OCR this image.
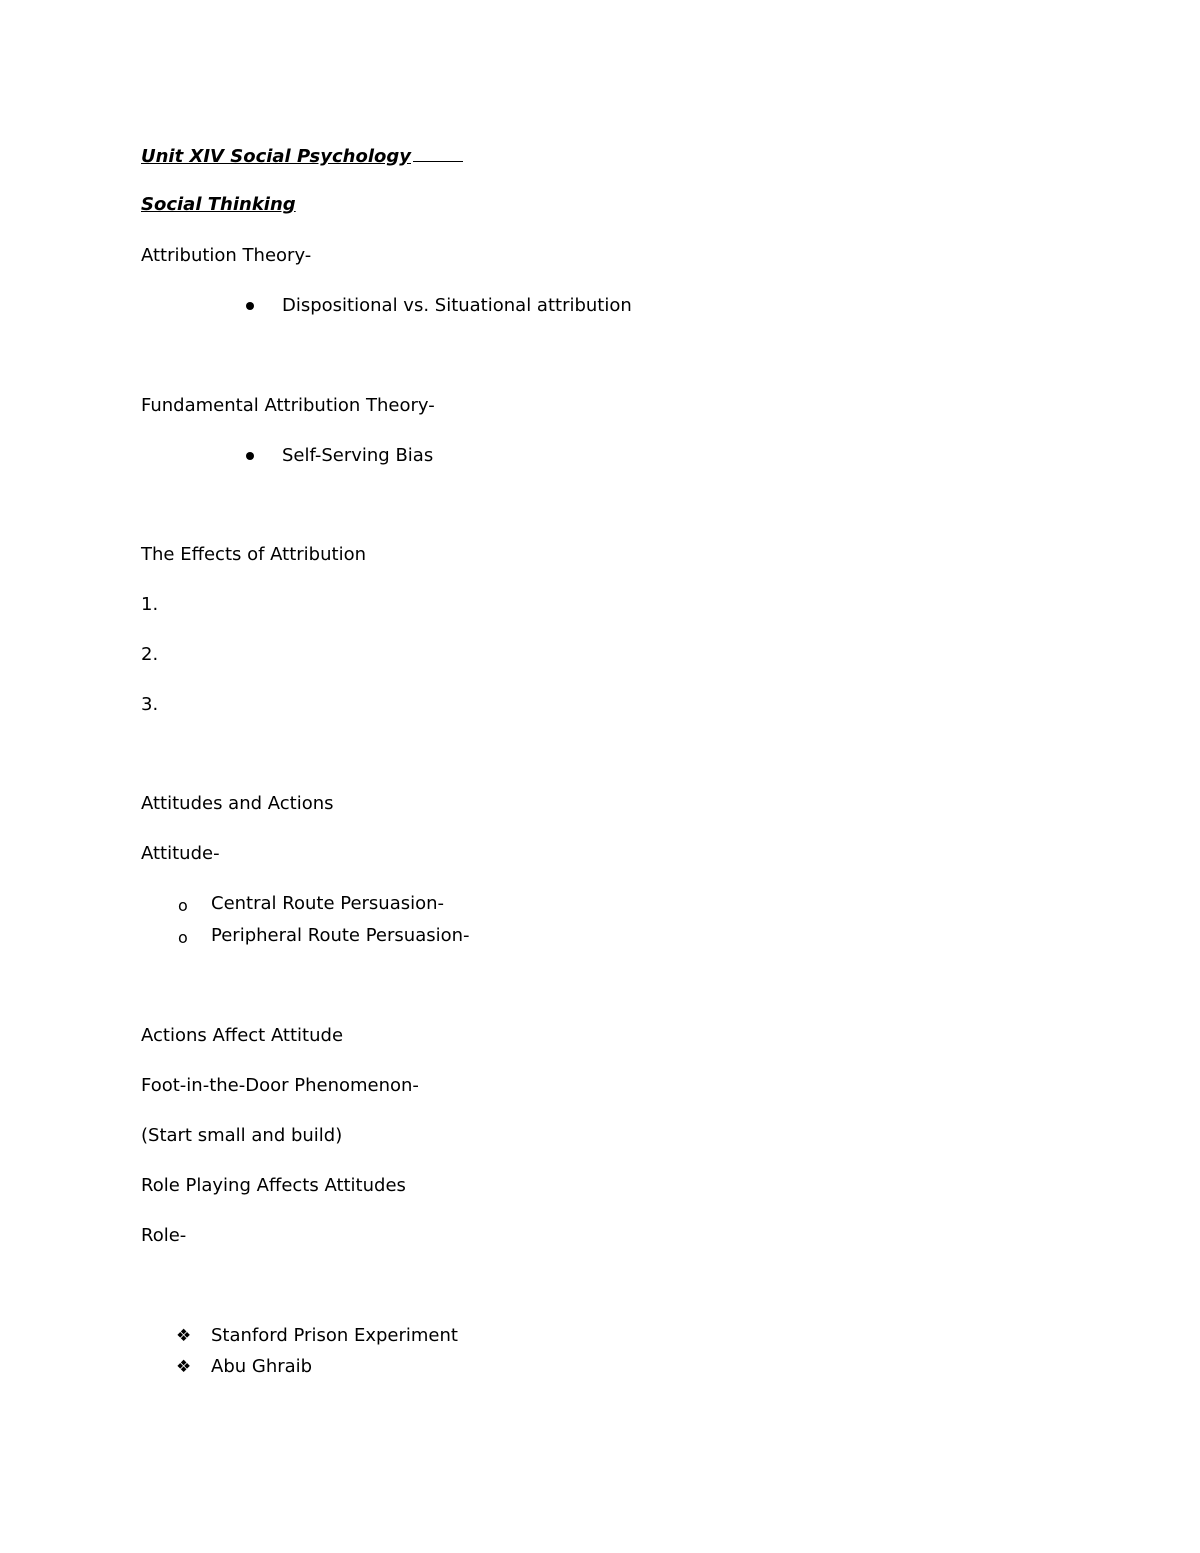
Unit XIV Social Psychology

Social Thinking

Attribution Theory-

Dispositional vs. Situational attribution

Fundamental Attribution Theory-

Self-Serving Bias

The Effects of Attribution

1.

2.

3.

Attitudes and Actions

Attitude-

o Central Route Persuasion-

o Peripheral Route Persuasion-

Actions Affect Attitude

Foot-in-the-Door Phenomenon-

(Start small and build)

Role Playing Affects Attitudes

Role-

❖ Stanford Prison Experiment

❖ Abu Ghraib
